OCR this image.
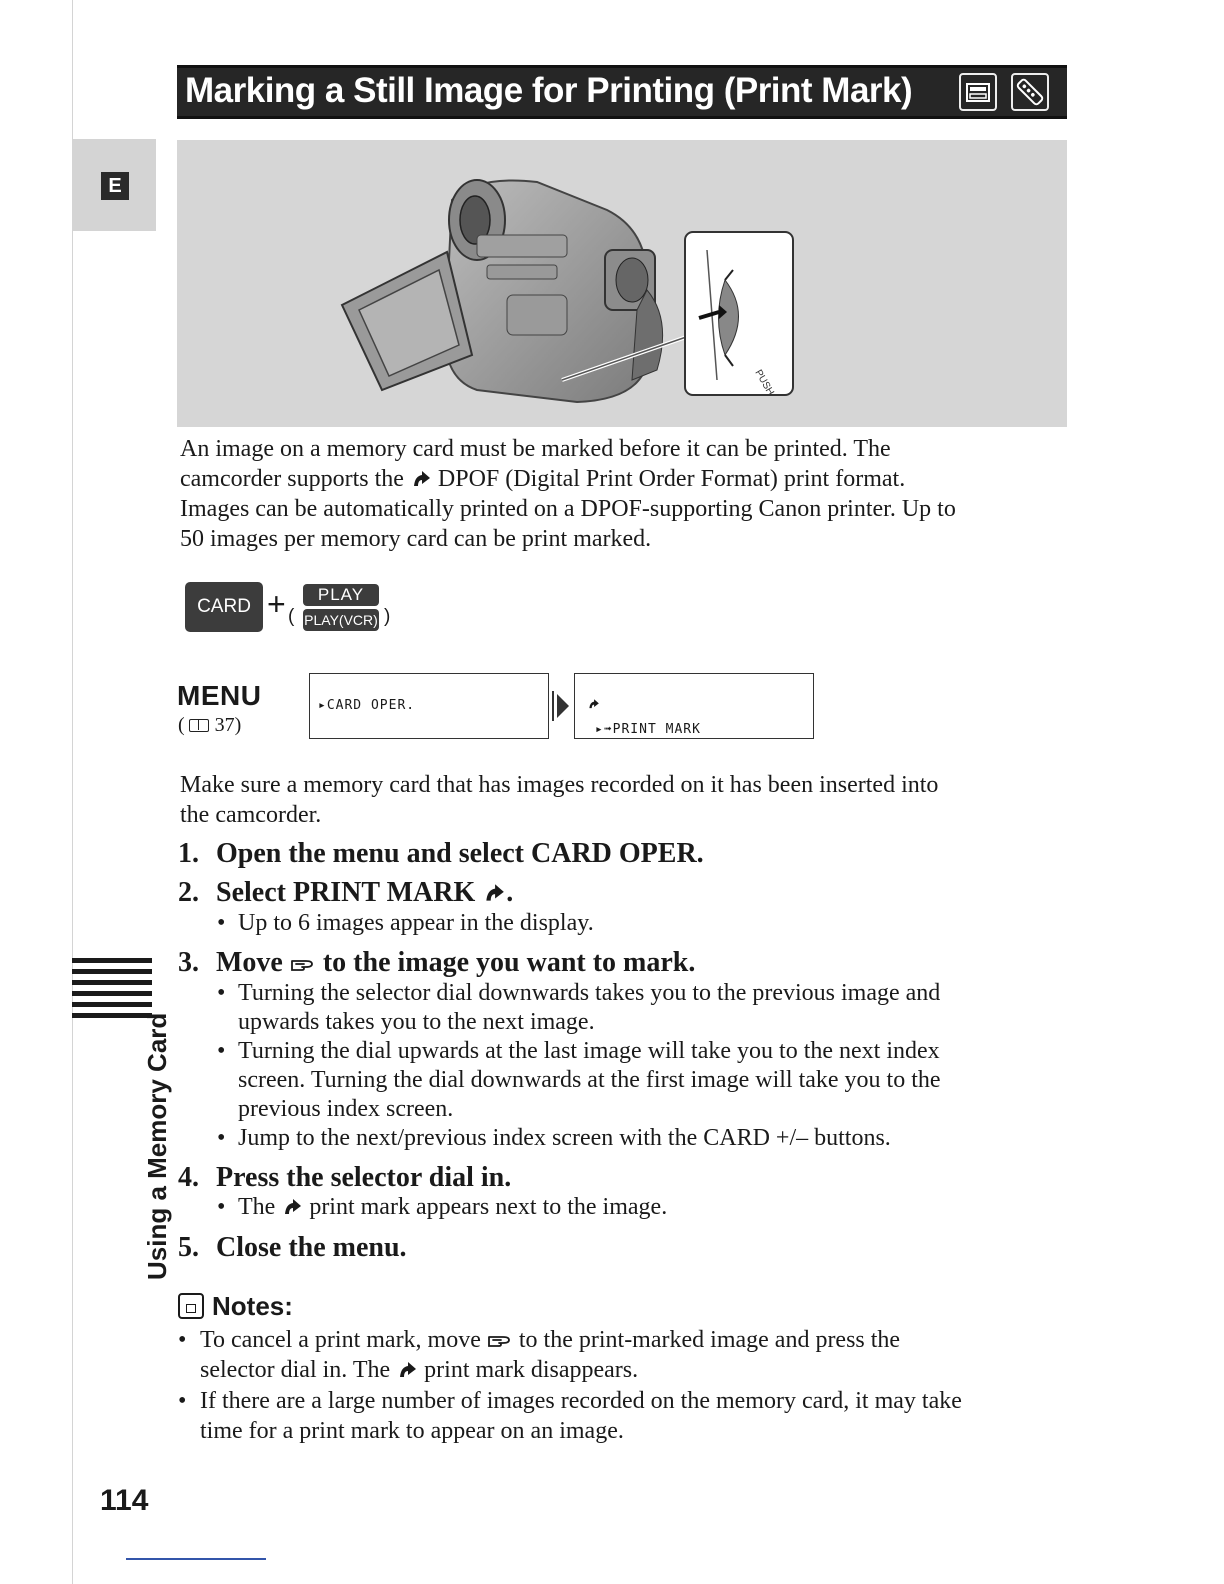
Marking a Still Image for Printing (Print Mark)
E
PUSH

An image on a memory card must be marked before it can be printed. The
camcorder supports the DPOF (Digital Print Order Format) print format.
Images can be automatically printed on a DPOF-supporting Canon printer. Up to
50 images per memory card can be print marked.

CARD + (
PLAY
PLAY(VCR) )
MENU
( 37)
▸CARD OPER.
▸➟PRINT MARK

Make sure a memory card that has images recorded on it has been inserted into
the camcorder.

1. Open the menu and select CARD OPER.
2. Select PRINT MARK .
• Up to 6 images appear in the display.
3. Move to the image you want to mark.
• Turning the selector dial downwards takes you to the previous image and
upwards takes you to the next image.
• Turning the dial upwards at the last image will take you to the next index
screen. Turning the dial downwards at the first image will take you to the
previous index screen.
• Jump to the next/previous index screen with the CARD +/– buttons.
4. Press the selector dial in.
• The print mark appears next to the image.
5. Close the menu.
Using a Memory Card
Notes:
• To cancel a print mark, move to the print-marked image and press the
selector dial in. The print mark disappears.
• If there are a large number of images recorded on the memory card, it may take
time for a print mark to appear on an image.
114
